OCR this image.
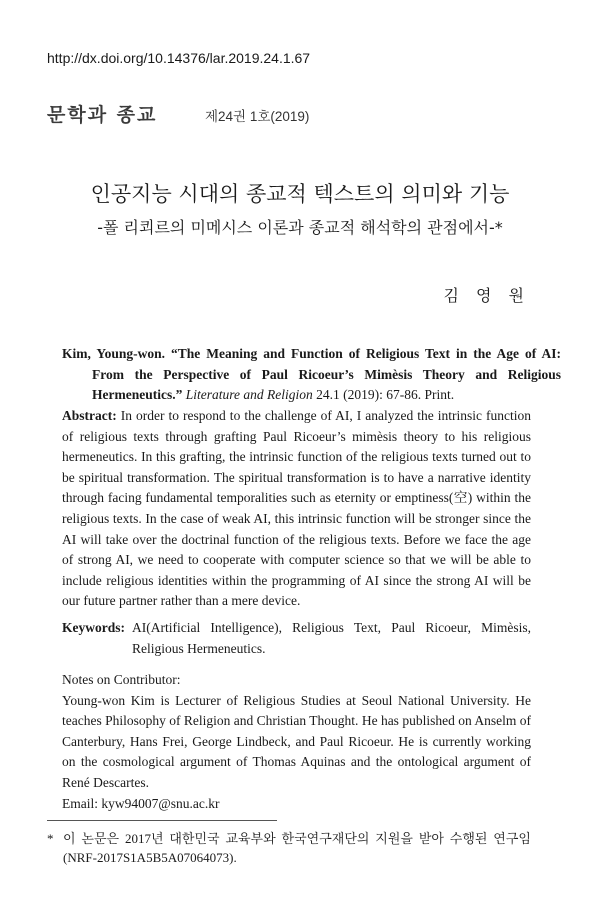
http://dx.doi.org/10.14376/lar.2019.24.1.67
문학과 종교	제24권 1호(2019)
인공지능 시대의 종교적 텍스트의 의미와 기능
-폴 리쾨르의 미메시스 이론과 종교적 해석학의 관점에서-*
김 영 원
Kim, Young-won. “The Meaning and Function of Religious Text in the Age of AI: From the Perspective of Paul Ricoeur’s Mimèsis Theory and Religious Hermeneutics.” Literature and Religion 24.1 (2019): 67-86. Print.
Abstract: In order to respond to the challenge of AI, I analyzed the intrinsic function of religious texts through grafting Paul Ricoeur’s mimèsis theory to his religious hermeneutics. In this grafting, the intrinsic function of the religious texts turned out to be spiritual transformation. The spiritual transformation is to have a narrative identity through facing fundamental temporalities such as eternity or emptiness(空) within the religious texts. In the case of weak AI, this intrinsic function will be stronger since the AI will take over the doctrinal function of the religious texts. Before we face the age of strong AI, we need to cooperate with computer science so that we will be able to include religious identities within the programming of AI since the strong AI will be our future partner rather than a mere device.
Keywords: AI(Artificial Intelligence), Religious Text, Paul Ricoeur, Mimèsis, Religious Hermeneutics.

Notes on Contributor:

Young-won Kim is Lecturer of Religious Studies at Seoul National University. He teaches Philosophy of Religion and Christian Thought. He has published on Anselm of Canterbury, Hans Frei, George Lindbeck, and Paul Ricoeur. He is currently working on the cosmological argument of Thomas Aquinas and the ontological argument of René Descartes.

Email: kyw94007@snu.ac.kr

* 이 논문은 2017년 대한민국 교육부와 한국연구재단의 지원을 받아 수행된 연구임 (NRF-2017S1A5B5A07064073).
